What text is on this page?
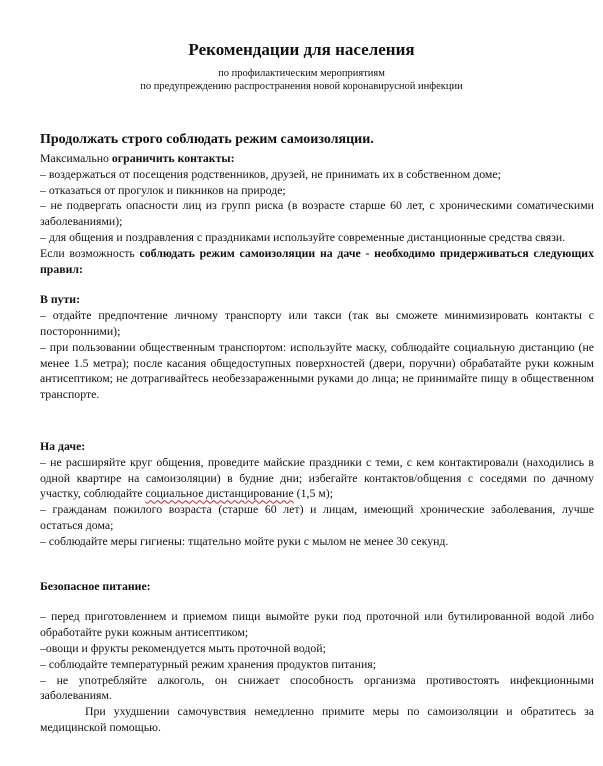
Рекомендации для населения
по профилактическим мероприятиям
по предупреждению распространения новой коронавирусной инфекции

Продолжать строго соблюдать режим самоизоляции.

Максимально ограничить контакты:

– воздержаться от посещения родственников, друзей, не принимать их в собственном доме;

– отказаться от прогулок и пикников на природе;

– не подвергать опасности лиц из групп риска (в возрасте старше 60 лет, с хроническими соматическими заболеваниями);

– для общения и поздравления с праздниками используйте современные дистанционные средства связи.

Если возможность соблюдать режим самоизоляции на даче - необходимо придерживаться следующих правил:

В пути:

– отдайте предпочтение личному транспорту или такси (так вы сможете минимизировать контакты с посторонними);

– при пользовании общественным транспортом: используйте маску, соблюдайте социальную дистанцию (не менее 1.5 метра); после касания общедоступных поверхностей (двери, поручни) обрабатайте руки кожным антисептиком; не дотрагивайтесь необеззараженными руками до лица; не принимайте пищу в общественном транспорте.

На даче:

– не расширяйте круг общения, проведите майские праздники с теми, с кем контактировали (находились в одной квартире на самоизоляции) в будние дни; избегайте контактов/общения с соседями по дачному участку, соблюдайте социальное дистанцирование (1,5 м);

– гражданам пожилого возраста (старше 60 лет) и лицам, имеющий хронические заболевания, лучше остаться дома;

– соблюдайте меры гигиены: тщательно мойте руки с мылом не менее 30 секунд.

Безопасное питание:

– перед приготовлением и приемом пищи вымойте руки под проточной или бутилированной водой либо обработайте руки кожным антисептиком;

–овощи и фрукты рекомендуется мыть проточной водой;

– соблюдайте температурный режим хранения продуктов питания;

– не употребляйте алкоголь, он снижает способность организма противостоять инфекционными заболеваниям.

При ухудшении самочувствия немедленно примите меры по самоизоляции и обратитесь за медицинской помощью.
